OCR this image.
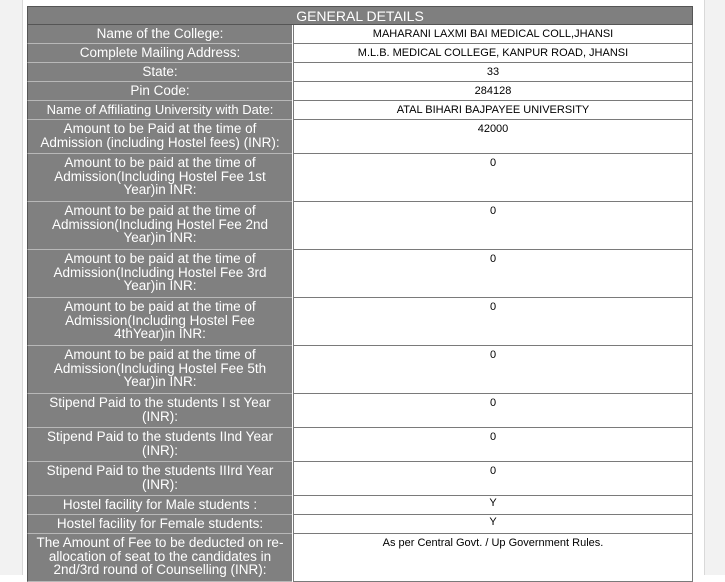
GENERAL DETAILS
Name of the College:	MAHARANI LAXMI BAI MEDICAL COLL,JHANSI
Complete Mailing Address:	M.L.B. MEDICAL COLLEGE, KANPUR ROAD, JHANSI
State:	33
Pin Code:	284128
Name of Affiliating University with Date:	ATAL BIHARI BAJPAYEE UNIVERSITY
Amount to be Paid at the time of Admission (including Hostel fees) (INR):
42000
Amount to be paid at the time of Admission(Including Hostel Fee 1st Year)in INR:
0
Amount to be paid at the time of Admission(Including Hostel Fee 2nd Year)in INR:
0
Amount to be paid at the time of Admission(Including Hostel Fee 3rd Year)in INR:
0
Amount to be paid at the time of Admission(Including Hostel Fee 4thYear)in INR:
0
Amount to be paid at the time of Admission(Including Hostel Fee 5th Year)in INR:
0
Stipend Paid to the students I st Year (INR):
0
Stipend Paid to the students IInd Year (INR):
0
Stipend Paid to the students IIIrd Year (INR):
0
Hostel facility for Male students :	Y
Hostel facility for Female students:	Y
The Amount of Fee to be deducted on re-allocation of seat to the candidates in 2nd/3rd round of Counselling (INR):
As per Central Govt. / Up Government Rules.
